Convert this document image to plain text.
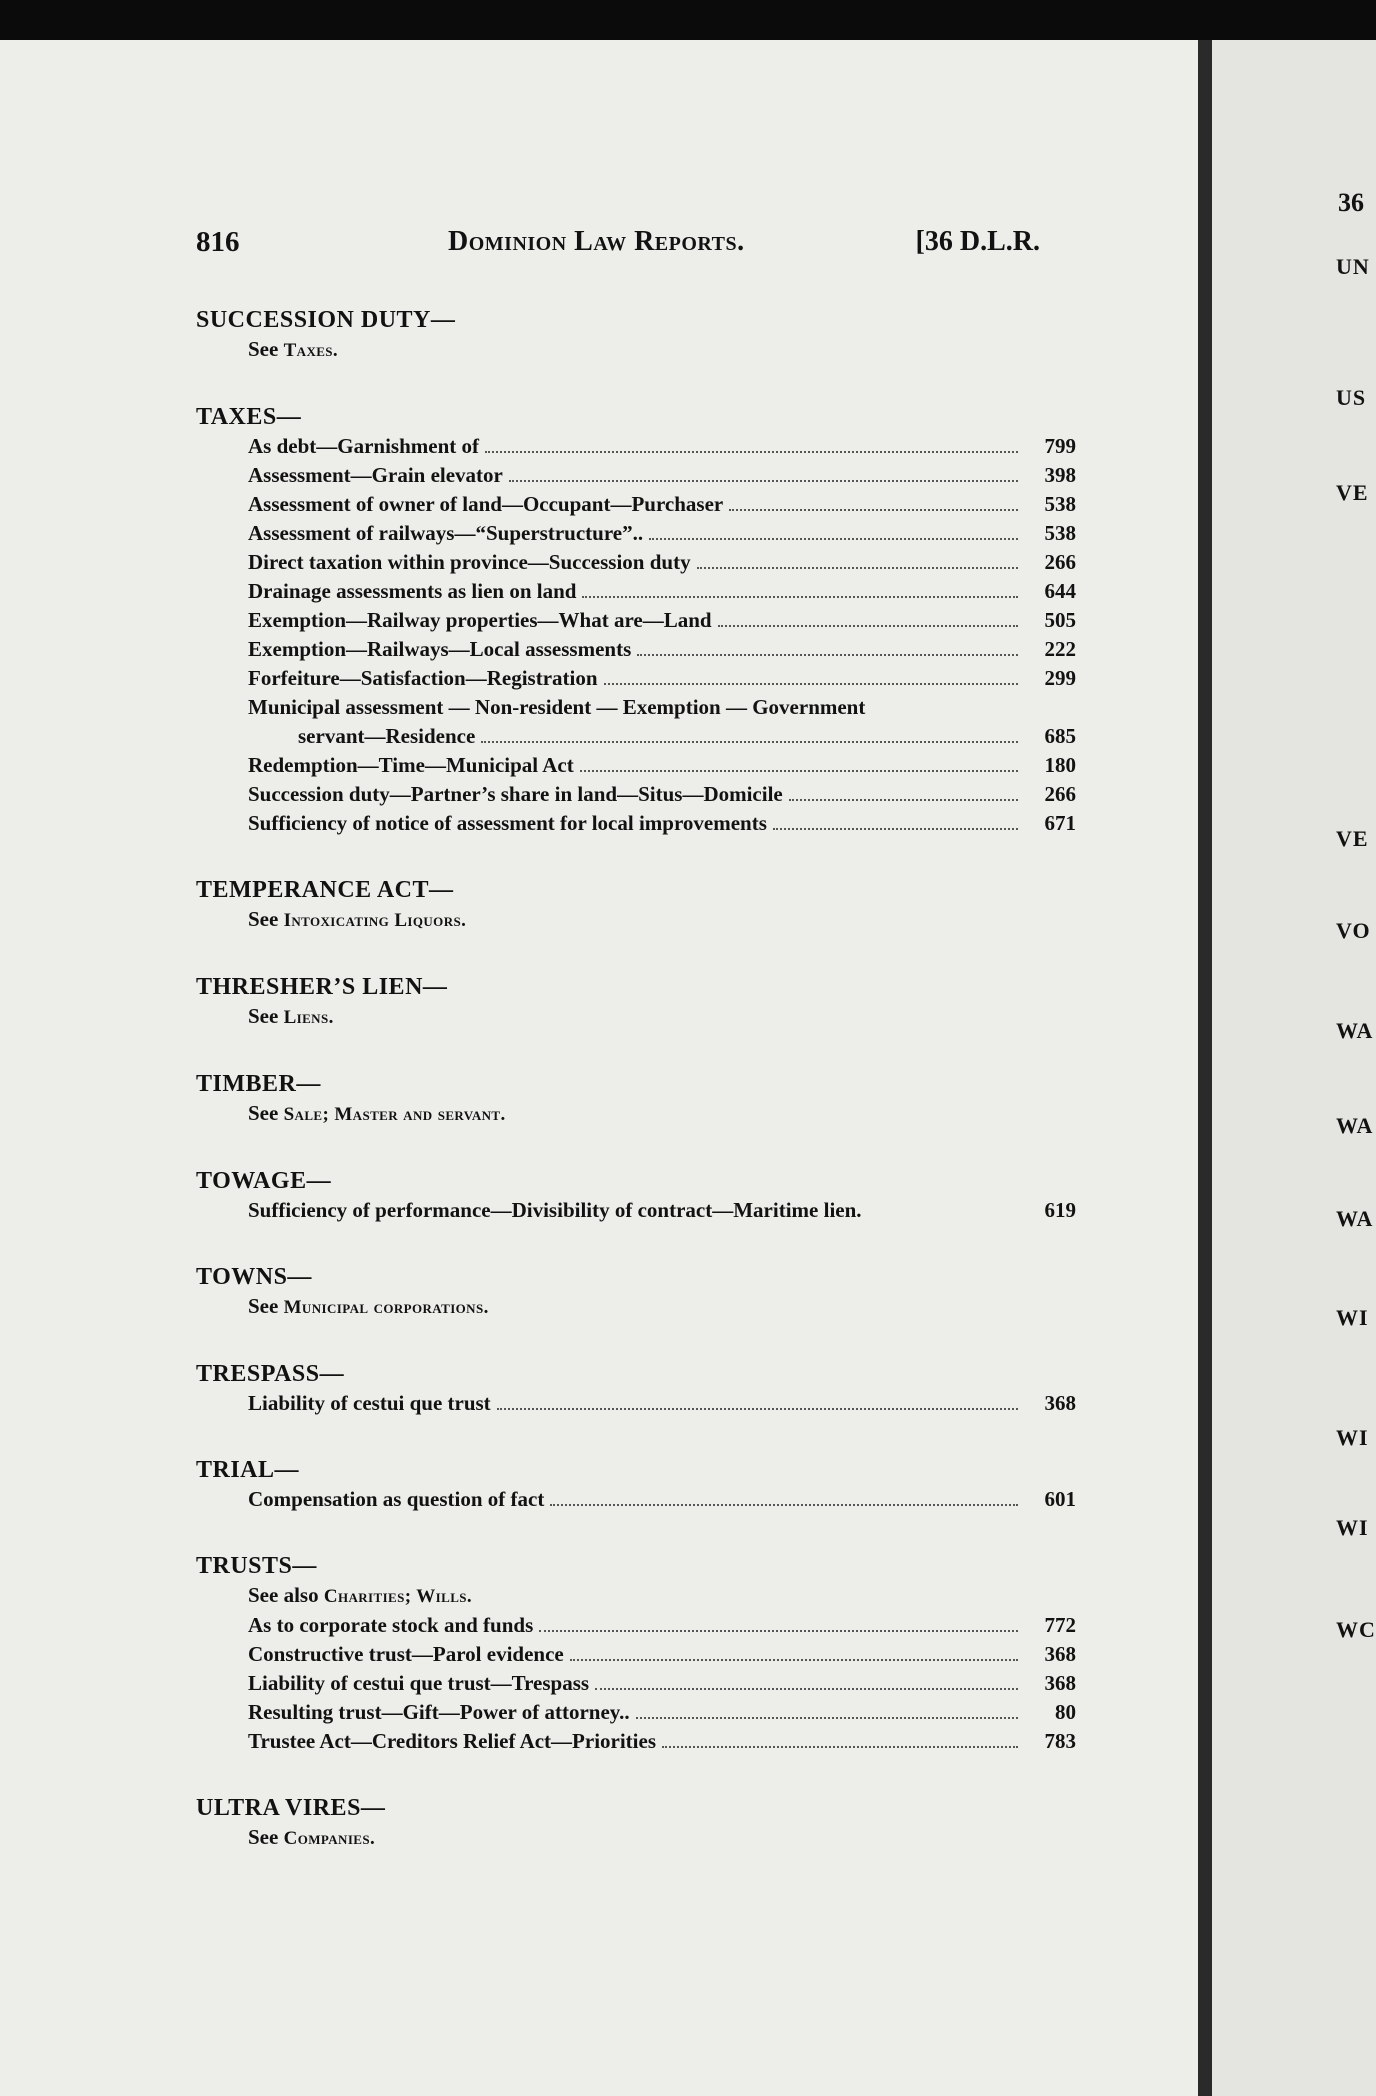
816	Dominion Law Reports.	[36 D.L.R.
SUCCESSION DUTY—
See Taxes.
TAXES—
As debt—Garnishment of	799
Assessment—Grain elevator	398
Assessment of owner of land—Occupant—Purchaser	538
Assessment of railways—“Superstructure”..	538
Direct taxation within province—Succession duty	266
Drainage assessments as lien on land	644
Exemption—Railway properties—What are—Land	505
Exemption—Railways—Local assessments	222
Forfeiture—Satisfaction—Registration	299
Municipal assessment — Non-resident — Exemption — Government
servant—Residence	685
Redemption—Time—Municipal Act	180
Succession duty—Partner’s share in land—Situs—Domicile	266
Sufficiency of notice of assessment for local improvements	671
TEMPERANCE ACT—
See Intoxicating Liquors.
THRESHER’S LIEN—
See Liens.
TIMBER—
See Sale; Master and servant.
TOWAGE—
Sufficiency of performance—Divisibility of contract—Maritime lien.	619
TOWNS—
See Municipal corporations.
TRESPASS—
Liability of cestui que trust	368
TRIAL—
Compensation as question of fact	601
TRUSTS—
See also Charities; Wills.
As to corporate stock and funds	772
Constructive trust—Parol evidence	368
Liability of cestui que trust—Trespass	368
Resulting trust—Gift—Power of attorney..	80
Trustee Act—Creditors Relief Act—Priorities	783
ULTRA VIRES—
See Companies.
36
UN
US
VE
VE
VO
WA
WA
WA
WI
WI
WI
WC
